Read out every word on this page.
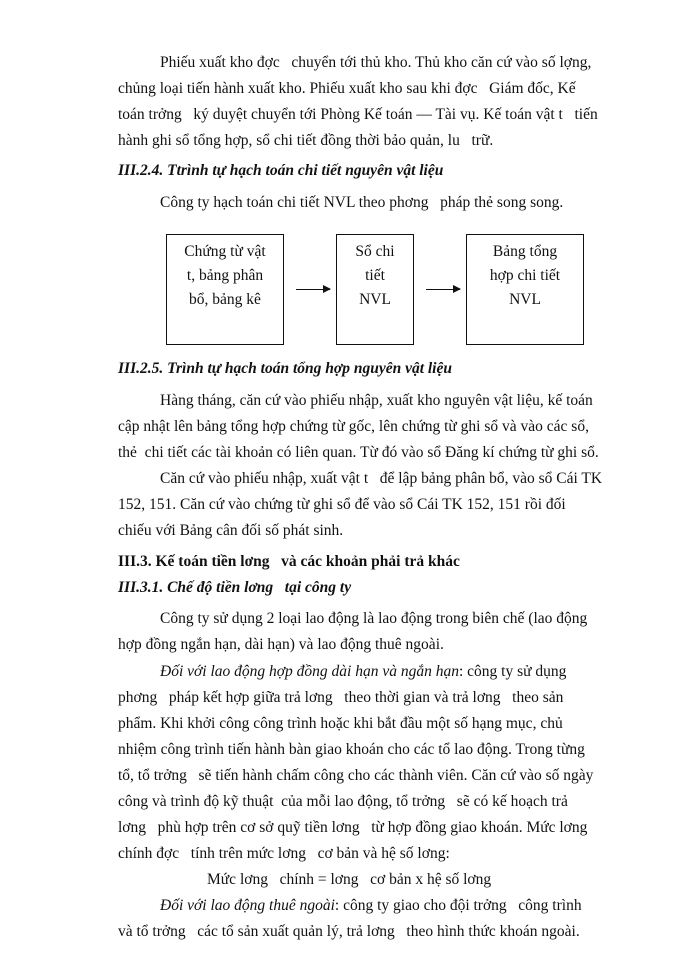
Phiếu xuất kho đợc   chuyển tới thủ kho. Thủ kho căn cứ vào số lợng,
chủng loại tiến hành xuất kho. Phiếu xuất kho sau khi đợc   Giám đốc, Kế
toán trởng   ký duyệt chuyển tới Phòng Kế toán — Tài vụ. Kế toán vật t   tiến
hành ghi sổ tổng hợp, sổ chi tiết đồng thời bảo quản, lu   trữ.
III.2.4. Ttrình tự hạch toán chi tiết nguyên vật liệu
Công ty hạch toán chi tiết NVL theo phơng   pháp thẻ song song.
Chứng từ vật
t, bảng phân
bổ, bảng kê
Sổ chi
tiết
NVL
Bảng tổng
hợp chi tiết
NVL
III.2.5. Trình tự hạch toán tổng hợp nguyên vật liệu
Hàng tháng, căn cứ vào phiếu nhập, xuất kho nguyên vật liệu, kế toán
cập nhật lên bảng tổng hợp chứng từ gốc, lên chứng từ ghi sổ và vào các sổ,
thẻ  chi tiết các tài khoản có liên quan. Từ đó vào sổ Đăng kí chứng từ ghi sổ.
Căn cứ vào phiếu nhập, xuất vật t   để lập bảng phân bổ, vào sổ Cái TK
152, 151. Căn cứ vào chứng từ ghi sổ để vào sổ Cái TK 152, 151 rồi đối
chiếu với Bảng cân đối số phát sinh.
III.3. Kế toán tiền lơng   và các khoản phải trả khác
III.3.1. Chế độ tiền lơng   tại công ty
Công ty sử dụng 2 loại lao động là lao động trong biên chế (lao động
hợp đồng ngắn hạn, dài hạn) và lao động thuê ngoài.
Đối với lao động hợp đồng dài hạn và ngắn hạn: công ty sử dụng
phơng   pháp kết hợp giữa trả lơng   theo thời gian và trả lơng   theo sản
phẩm. Khi khởi công công trình hoặc khi bắt đầu một số hạng mục, chủ
nhiệm công trình tiến hành bàn giao khoán cho các tổ lao động. Trong từng
tổ, tổ trởng   sẽ tiến hành chấm công cho các thành viên. Căn cứ vào số ngày
công và trình độ kỹ thuật  của mỗi lao động, tổ trởng   sẽ có kế hoạch trả
lơng   phù hợp trên cơ sở quỹ tiền lơng   từ hợp đồng giao khoán. Mức lơng
chính đợc   tính trên mức lơng   cơ bản và hệ số lơng:
Mức lơng   chính = lơng   cơ bản x hệ số lơng
Đối với lao động thuê ngoài: công ty giao cho đội trởng   công trình
và tổ trởng   các tổ sản xuất quản lý, trả lơng   theo hình thức khoán ngoài.
